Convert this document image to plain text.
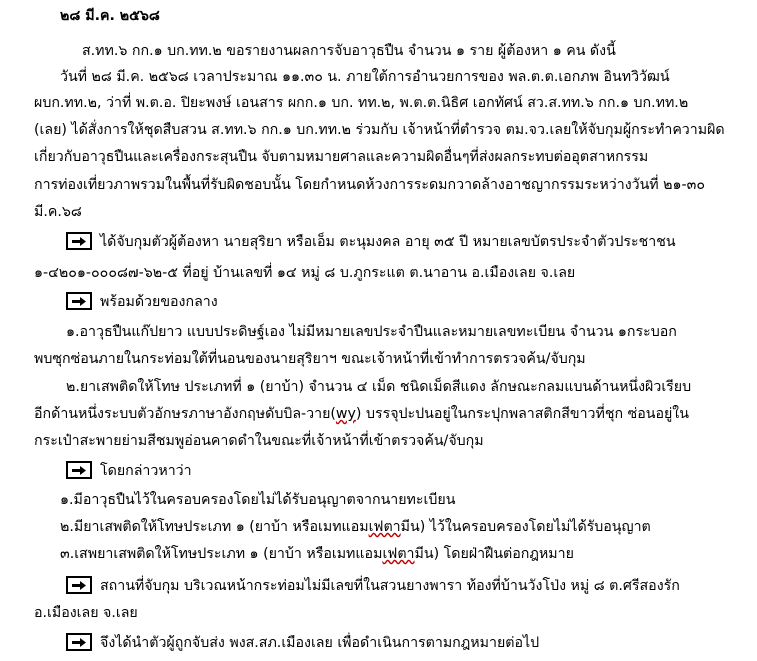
๒๘ มี.ค. ๒๕๖๘
ส.ทท.๖ กก.๑ บก.ทท.๒ ขอรายงานผลการจับอาวุธปืน จำนวน ๑ ราย ผู้ต้องหา ๑ คน ดังนี้
วันที่ ๒๘ มี.ค. ๒๕๖๘ เวลาประมาณ ๑๑.๓๐ น. ภายใต้การอำนวยการของ พล.ต.ต.เอกภพ อินทวิวัฒน์
ผบก.ทท.๒, ว่าที่ พ.ต.อ. ปิยะพงษ์ เอนสาร ผกก.๑ บก. ทท.๒, พ.ต.ต.นิธิศ เอกทัศน์ สว.ส.ทท.๖ กก.๑ บก.ทท.๒
(เลย) ได้สั่งการให้ชุดสืบสวน ส.ทท.๖ กก.๑ บก.ทท.๒ ร่วมกับ เจ้าหน้าที่ตำรวจ ตม.จว.เลยให้จับกุมผู้กระทำความผิด
เกี่ยวกับอาวุธปืนและเครื่องกระสุนปืน จับตามหมายศาลและความผิดอื่นๆที่ส่งผลกระทบต่ออุตสาหกรรม
การท่องเที่ยวภาพรวมในพื้นที่รับผิดชอบนั้น โดยกำหนดห้วงการระดมกวาดล้างอาชญากรรมระหว่างวันที่ ๒๑-๓๐
มี.ค.๖๘
ได้จับกุมตัวผู้ต้องหา นายสุริยา หรือเอ็ม ตะนุมงคล อายุ ๓๕ ปี หมายเลขบัตรประจำตัวประชาชน
๑-๔๒๐๑-๐๐๐๘๗-๖๒-๕ ที่อยู่ บ้านเลขที่ ๑๔ หมู่ ๘ บ.ภูกระแต ต.นาอาน อ.เมืองเลย จ.เลย
พร้อมด้วยของกลาง
๑.อาวุธปืนแก๊ปยาว แบบประดิษฐ์เอง ไม่มีหมายเลขประจำปืนและหมายเลขทะเบียน จำนวน ๑กระบอก
พบซุกซ่อนภายในกระท่อมใต้ที่นอนของนายสุริยาฯ ขณะเจ้าหน้าที่เข้าทำการตรวจค้น/จับกุม
๒.ยาเสพติดให้โทษ ประเภทที่ ๑ (ยาบ้า) จำนวน ๔ เม็ด ชนิดเม็ดสีแดง ลักษณะกลมแบนด้านหนึ่งผิวเรียบ
อีกด้านหนึ่งระบบตัวอักษรภาษาอังกฤษดับบิล-วาย(wy) บรรจุปะปนอยู่ในกระปุกพลาสติกสีขาวที่ชุก ซ่อนอยู่ใน
กระเป๋าสะพายย่ามสีชมพูอ่อนคาดดำในขณะที่เจ้าหน้าที่เข้าตรวจค้น/จับกุม
โดยกล่าวหาว่า
๑.มีอาวุธปืนไว้ในครอบครองโดยไม่ได้รับอนุญาตจากนายทะเบียน
๒.มียาเสพติดให้โทษประเภท ๑ (ยาบ้า หรือเมทแอมเฟตามีน) ไว้ในครอบครองโดยไม่ได้รับอนุญาต
๓.เสพยาเสพติดให้โทษประเภท ๑ (ยาบ้า หรือเมทแอมเฟตามีน) โดยฝ่าฝืนต่อกฎหมาย
สถานที่จับกุม บริเวณหน้ากระท่อมไม่มีเลขที่ในสวนยางพารา ท้องที่บ้านวังโป่ง หมู่ ๘ ต.ศรีสองรัก
อ.เมืองเลย จ.เลย
จึงได้นำตัวผู้ถูกจับส่ง พงส.สภ.เมืองเลย เพื่อดำเนินการตามกฎหมายต่อไป
